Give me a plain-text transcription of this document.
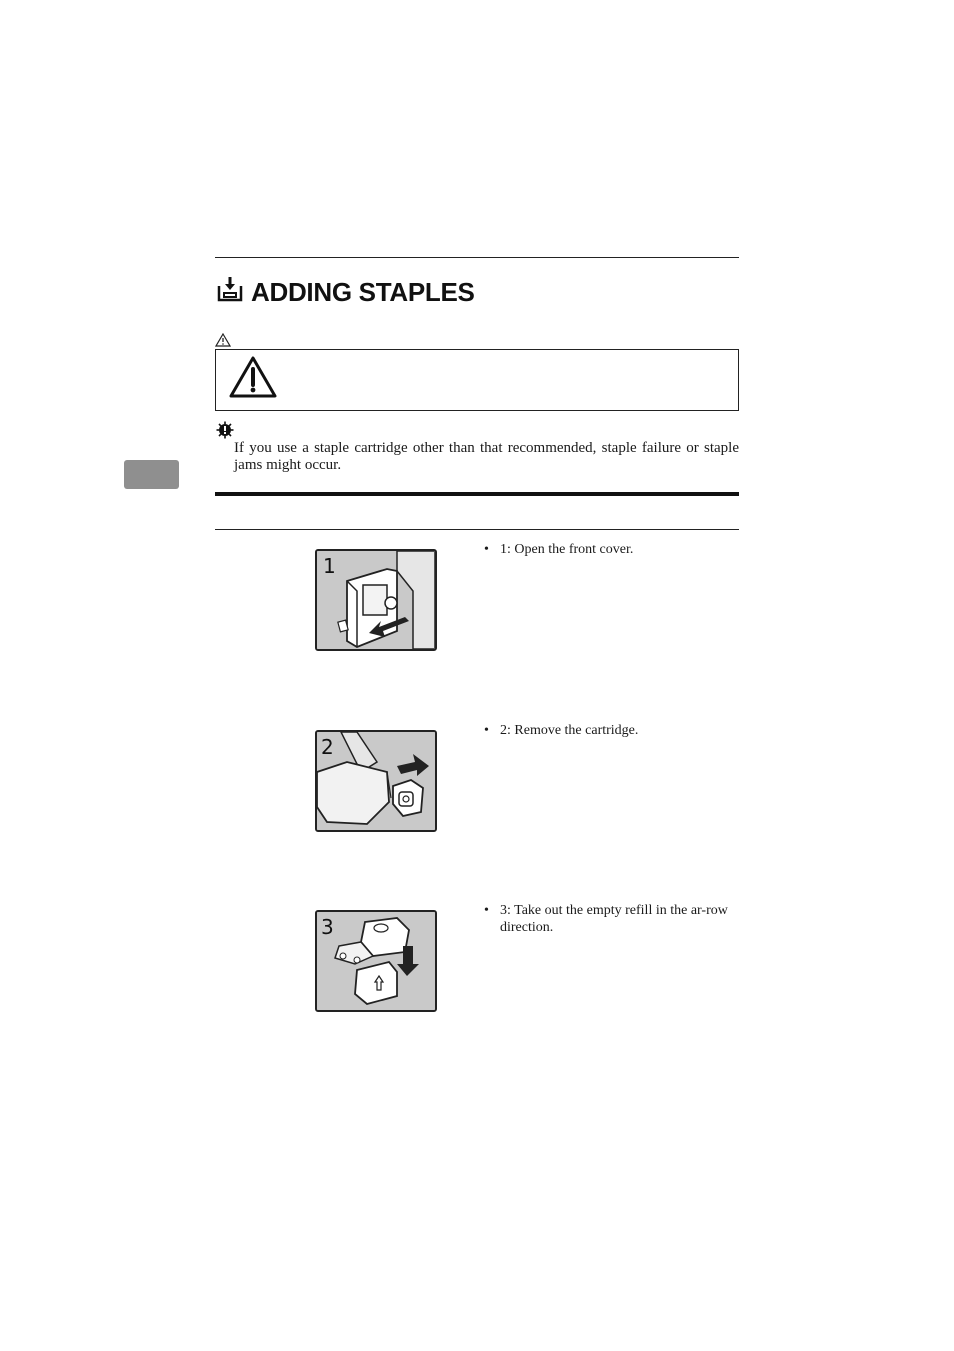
ADDING STAPLES
If you use a staple cartridge other than that recommended, staple failure or staple jams might occur.
1
• 1: Open the front cover.
2
• 2: Remove the cartridge.
3
• 3: Take out the empty refill in the ar-row direction.
